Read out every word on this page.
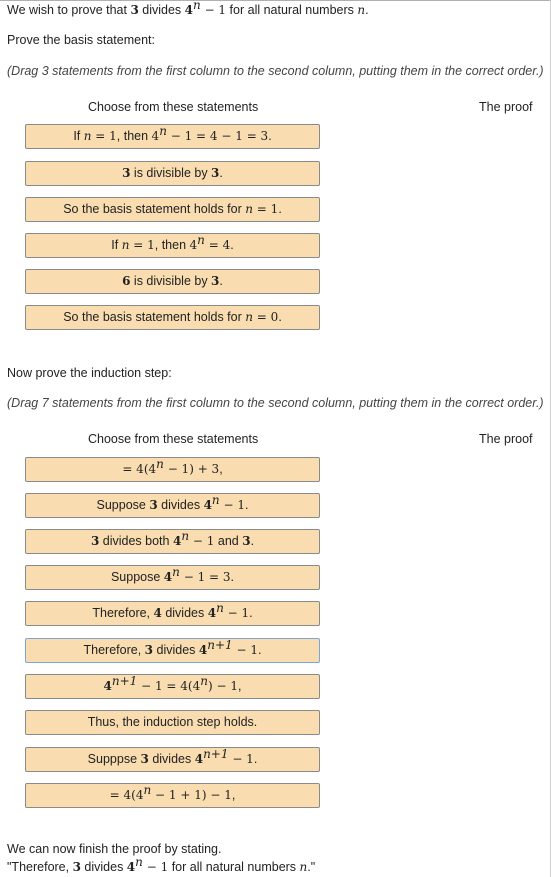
We wish to prove that 3 divides $4^n - 1$ for all natural numbers n.
Prove the basis statement:
(Drag 3 statements from the first column to the second column, putting them in the correct order.)
Choose from these statements	The proof
If n = 1, then $4^n - 1 = 4 - 1 = 3$.
3 is divisible by 3.
So the basis statement holds for n = 1.
If n = 1, then $4^n = 4$.
6 is divisible by 3.
So the basis statement holds for n = 0.
Now prove the induction step:
(Drag 7 statements from the first column to the second column, putting them in the correct order.)
Choose from these statements	The proof
= $4(4^n - 1) + 3$,
Suppose 3 divides $4^n - 1$.
3 divides both $4^n - 1$ and 3.
Suppose $4^n - 1 = 3$.
Therefore, 4 divides $4^n - 1$.
Therefore, 3 divides $4^{n+1} - 1$.
$4^{n+1} - 1 = 4(4^n) - 1$,
Thus, the induction step holds.
Supppse 3 divides $4^{n+1} - 1$.
= $4(4^n - 1 + 1) - 1$,
We can now finish the proof by stating.
"Therefore, 3 divides $4^n - 1$ for all natural numbers n."
